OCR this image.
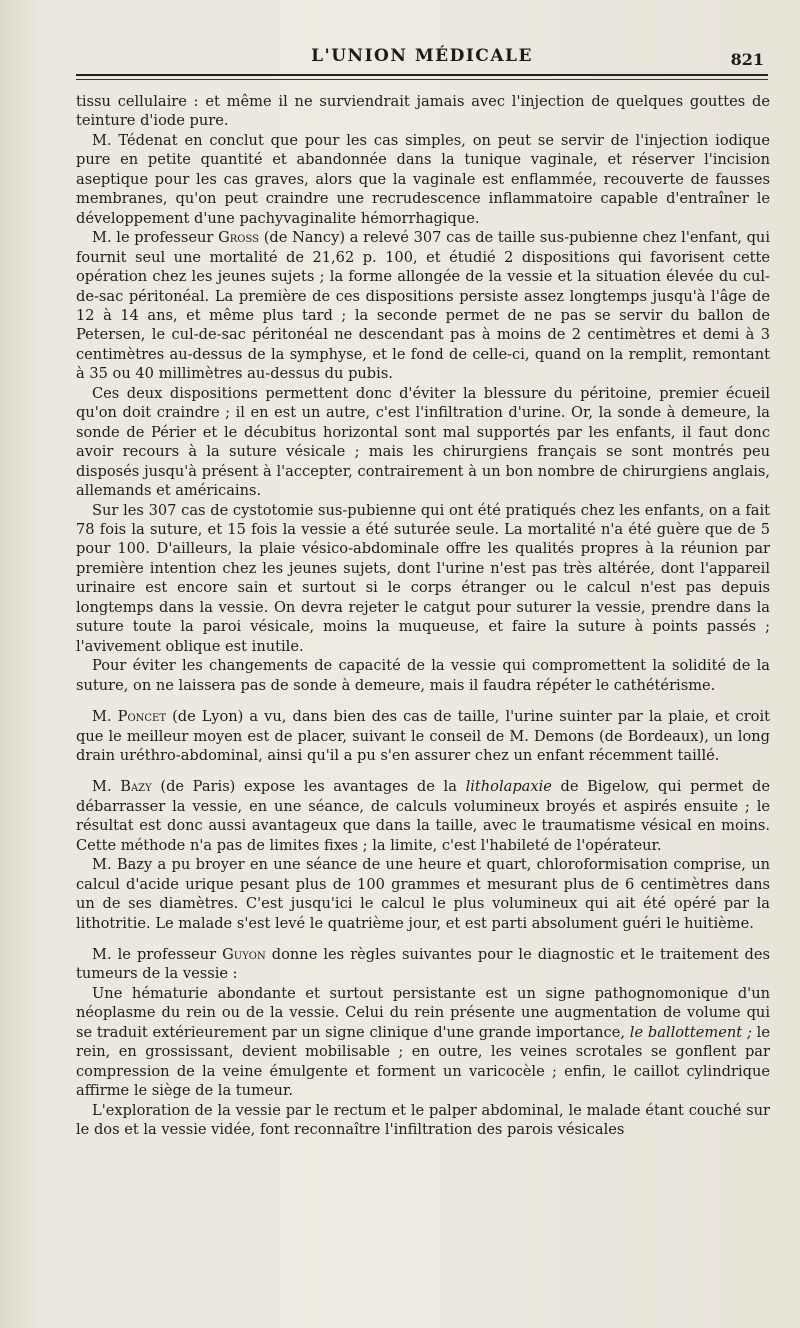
L'UNION MÉDICALE	821

tissu cellulaire : et même il ne surviendrait jamais avec l'injection de quelques gouttes de teinture d'iode pure.

M. Tédenat en conclut que pour les cas simples, on peut se servir de l'injection iodique pure en petite quantité et abandonnée dans la tunique vaginale, et réserver l'incision aseptique pour les cas graves, alors que la vaginale est enflammée, recouverte de fausses membranes, qu'on peut craindre une recrudescence inflammatoire capable d'entraîner le développement d'une pachyvaginalite hémorrhagique.

M. le professeur Gross (de Nancy) a relevé 307 cas de taille sus-pubienne chez l'enfant, qui fournit seul une mortalité de 21,62 p. 100, et étudié 2 dispositions qui favorisent cette opération chez les jeunes sujets ; la forme allongée de la vessie et la situation élevée du cul-de-sac péritonéal. La première de ces dispositions persiste assez longtemps jusqu'à l'âge de 12 à 14 ans, et même plus tard ; la seconde permet de ne pas se servir du ballon de Petersen, le cul-de-sac péritonéal ne descendant pas à moins de 2 centimètres et demi à 3 centimètres au-dessus de la symphyse, et le fond de celle-ci, quand on la remplit, remontant à 35 ou 40 millimètres au-dessus du pubis.

Ces deux dispositions permettent donc d'éviter la blessure du péritoine, premier écueil qu'on doit craindre ; il en est un autre, c'est l'infiltration d'urine. Or, la sonde à demeure, la sonde de Périer et le décubitus horizontal sont mal supportés par les enfants, il faut donc avoir recours à la suture vésicale ; mais les chirurgiens français se sont montrés peu disposés jusqu'à présent à l'accepter, contrairement à un bon nombre de chirurgiens anglais, allemands et américains.

Sur les 307 cas de cystotomie sus-pubienne qui ont été pratiqués chez les enfants, on a fait 78 fois la suture, et 15 fois la vessie a été suturée seule. La mortalité n'a été guère que de 5 pour 100. D'ailleurs, la plaie vésico-abdominale offre les qualités propres à la réunion par première intention chez les jeunes sujets, dont l'urine n'est pas très altérée, dont l'appareil urinaire est encore sain et surtout si le corps étranger ou le calcul n'est pas depuis longtemps dans la vessie. On devra rejeter le catgut pour suturer la vessie, prendre dans la suture toute la paroi vésicale, moins la muqueuse, et faire la suture à points passés ; l'avivement oblique est inutile.

Pour éviter les changements de capacité de la vessie qui compromettent la solidité de la suture, on ne laissera pas de sonde à demeure, mais il faudra répéter le cathétérisme.

M. Poncet (de Lyon) a vu, dans bien des cas de taille, l'urine suinter par la plaie, et croit que le meilleur moyen est de placer, suivant le conseil de M. Demons (de Bordeaux), un long drain uréthro-abdominal, ainsi qu'il a pu s'en assurer chez un enfant récemment taillé.

M. Bazy (de Paris) expose les avantages de la litholapaxie de Bigelow, qui permet de débarrasser la vessie, en une séance, de calculs volumineux broyés et aspirés ensuite ; le résultat est donc aussi avantageux que dans la taille, avec le traumatisme vésical en moins. Cette méthode n'a pas de limites fixes ; la limite, c'est l'habileté de l'opérateur.

M. Bazy a pu broyer en une séance de une heure et quart, chloroformisation comprise, un calcul d'acide urique pesant plus de 100 grammes et mesurant plus de 6 centimètres dans un de ses diamètres. C'est jusqu'ici le calcul le plus volumineux qui ait été opéré par la lithotritie. Le malade s'est levé le quatrième jour, et est parti absolument guéri le huitième.

M. le professeur Guyon donne les règles suivantes pour le diagnostic et le traitement des tumeurs de la vessie :

Une hématurie abondante et surtout persistante est un signe pathognomonique d'un néoplasme du rein ou de la vessie. Celui du rein présente une augmentation de volume qui se traduit extérieurement par un signe clinique d'une grande importance, le ballottement ; le rein, en grossissant, devient mobilisable ; en outre, les veines scrotales se gonflent par compression de la veine émulgente et forment un varicocèle ; enfin, le caillot cylindrique affirme le siège de la tumeur.

L'exploration de la vessie par le rectum et le palper abdominal, le malade étant couché sur le dos et la vessie vidée, font reconnaître l'infiltration des parois vésicales
